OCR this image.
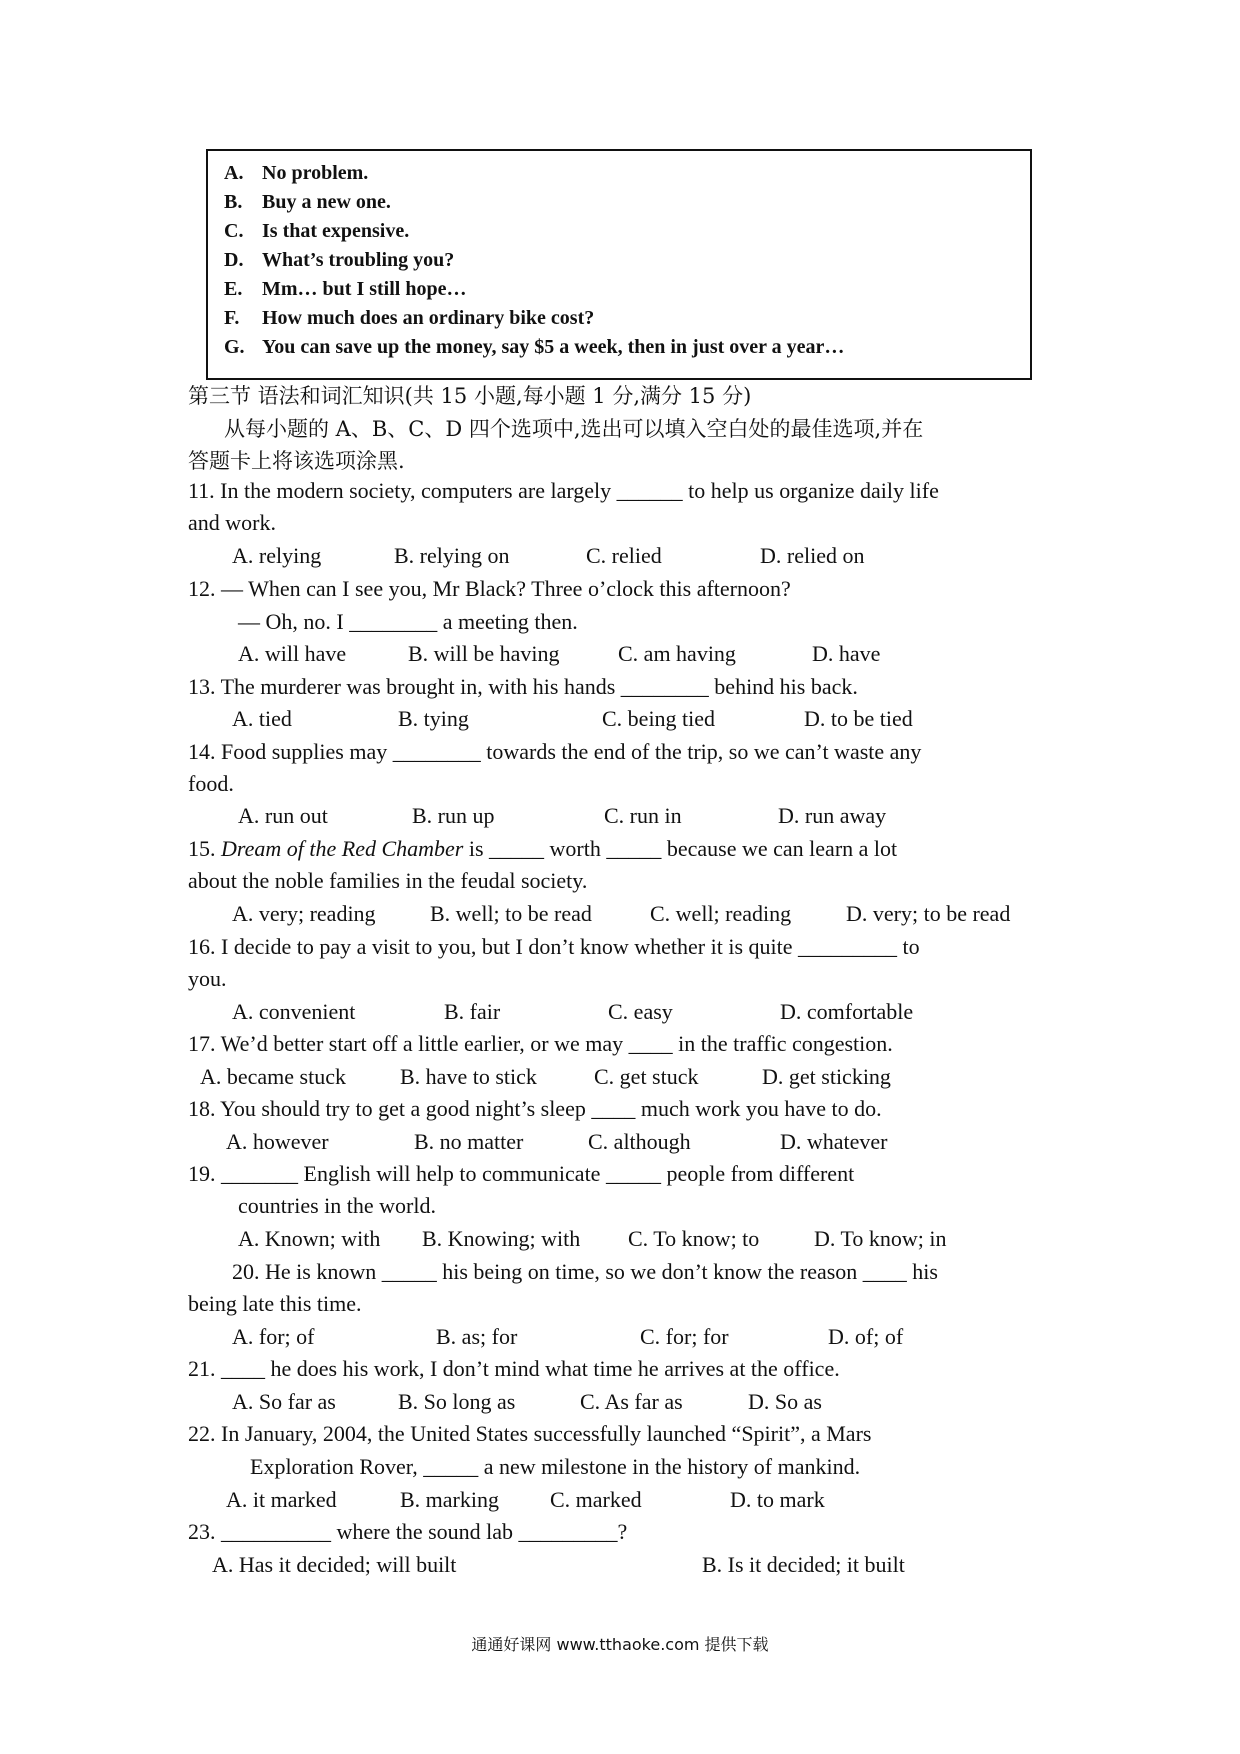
A. No problem.
B. Buy a new one.
C. Is that expensive.
D. What’s troubling you?
E. Mm… but I still hope…
F. How much does an ordinary bike cost?
G. You can save up the money, say $5 a week, then in just over a year…
第三节 语法和词汇知识(共 15 小题,每小题 1 分,满分 15 分)
从每小题的 A、B、C、D 四个选项中,选出可以填入空白处的最佳选项,并在
答题卡上将该选项涂黑.
11. In the modern society, computers are largely ______ to help us organize daily life
and work.
A. relying	B. relying on	C. relied	D. relied on
12. — When can I see you, Mr Black? Three o’clock this afternoon?
— Oh, no. I ________ a meeting then.
A. will have	B. will be having	C. am having	D. have
13. The murderer was brought in, with his hands ________ behind his back.
A. tied	B. tying	C. being tied	D. to be tied
14. Food supplies may ________ towards the end of the trip, so we can’t waste any
food.
A. run out	B. run up	C. run in	D. run away
15. Dream of the Red Chamber is _____ worth _____ because we can learn a lot
about the noble families in the feudal society.
A. very; reading B. well; to be read	C. well; reading D. very; to be read
16. I decide to pay a visit to you, but I don’t know whether it is quite _________ to
you.
A. convenient	B. fair	C. easy	D. comfortable
17. We’d better start off a little earlier, or we may ____ in the traffic congestion.
A. became stuck B. have to stick	C. get stuck	D. get sticking
18. You should try to get a good night’s sleep ____ much work you have to do.
A. however	B. no matter	C. although	D. whatever
19. _______ English will help to communicate _____ people from different
countries in the world.
A. Known; with B. Knowing; with C. To know; to D. To know; in
20. He is known _____ his being on time, so we don’t know the reason ____ his
being late this time.
A. for; of	B. as; for	C. for; for	D. of; of
21. ____ he does his work, I don’t mind what time he arrives at the office.
A. So far as	B. So long as	C. As far as	D. So as
22. In January, 2004, the United States successfully launched “Spirit”, a Mars
Exploration Rover, _____ a new milestone in the history of mankind.
A. it marked	B. marking C. marked	D. to mark
23. __________ where the sound lab _________?
A. Has it decided; will built	B. Is it decided; it built
通通好课网 www.tthaoke.com 提供下载
